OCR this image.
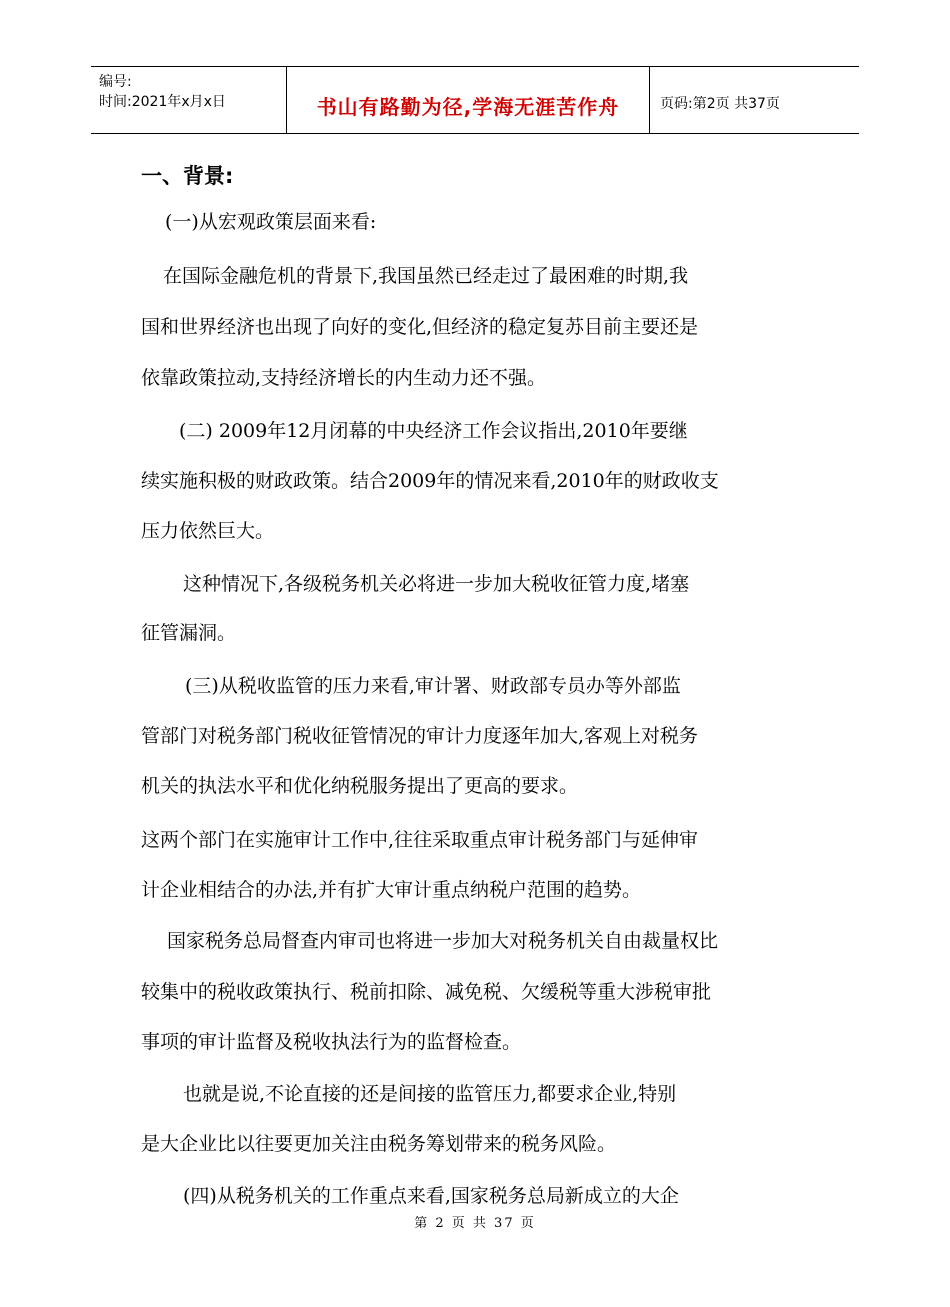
编号:
时间:2021年x月x日	书山有路勤为径,学海无涯苦作舟	页码:第2页 共37页
一、背景:
(一)从宏观政策层面来看:
在国际金融危机的背景下,我国虽然已经走过了最困难的时期,我
国和世界经济也出现了向好的变化,但经济的稳定复苏目前主要还是
依靠政策拉动,支持经济增长的内生动力还不强。
(二) 2009年12月闭幕的中央经济工作会议指出,2010年要继
续实施积极的财政政策。结合2009年的情况来看,2010年的财政收支
压力依然巨大。
这种情况下,各级税务机关必将进一步加大税收征管力度,堵塞
征管漏洞。
(三)从税收监管的压力来看,审计署、财政部专员办等外部监
管部门对税务部门税收征管情况的审计力度逐年加大,客观上对税务
机关的执法水平和优化纳税服务提出了更高的要求。
这两个部门在实施审计工作中,往往采取重点审计税务部门与延伸审
计企业相结合的办法,并有扩大审计重点纳税户范围的趋势。
国家税务总局督查内审司也将进一步加大对税务机关自由裁量权比
较集中的税收政策执行、税前扣除、减免税、欠缓税等重大涉税审批
事项的审计监督及税收执法行为的监督检查。
也就是说,不论直接的还是间接的监管压力,都要求企业,特别
是大企业比以往要更加关注由税务筹划带来的税务风险。
(四)从税务机关的工作重点来看,国家税务总局新成立的大企
第 2 页 共 37 页
